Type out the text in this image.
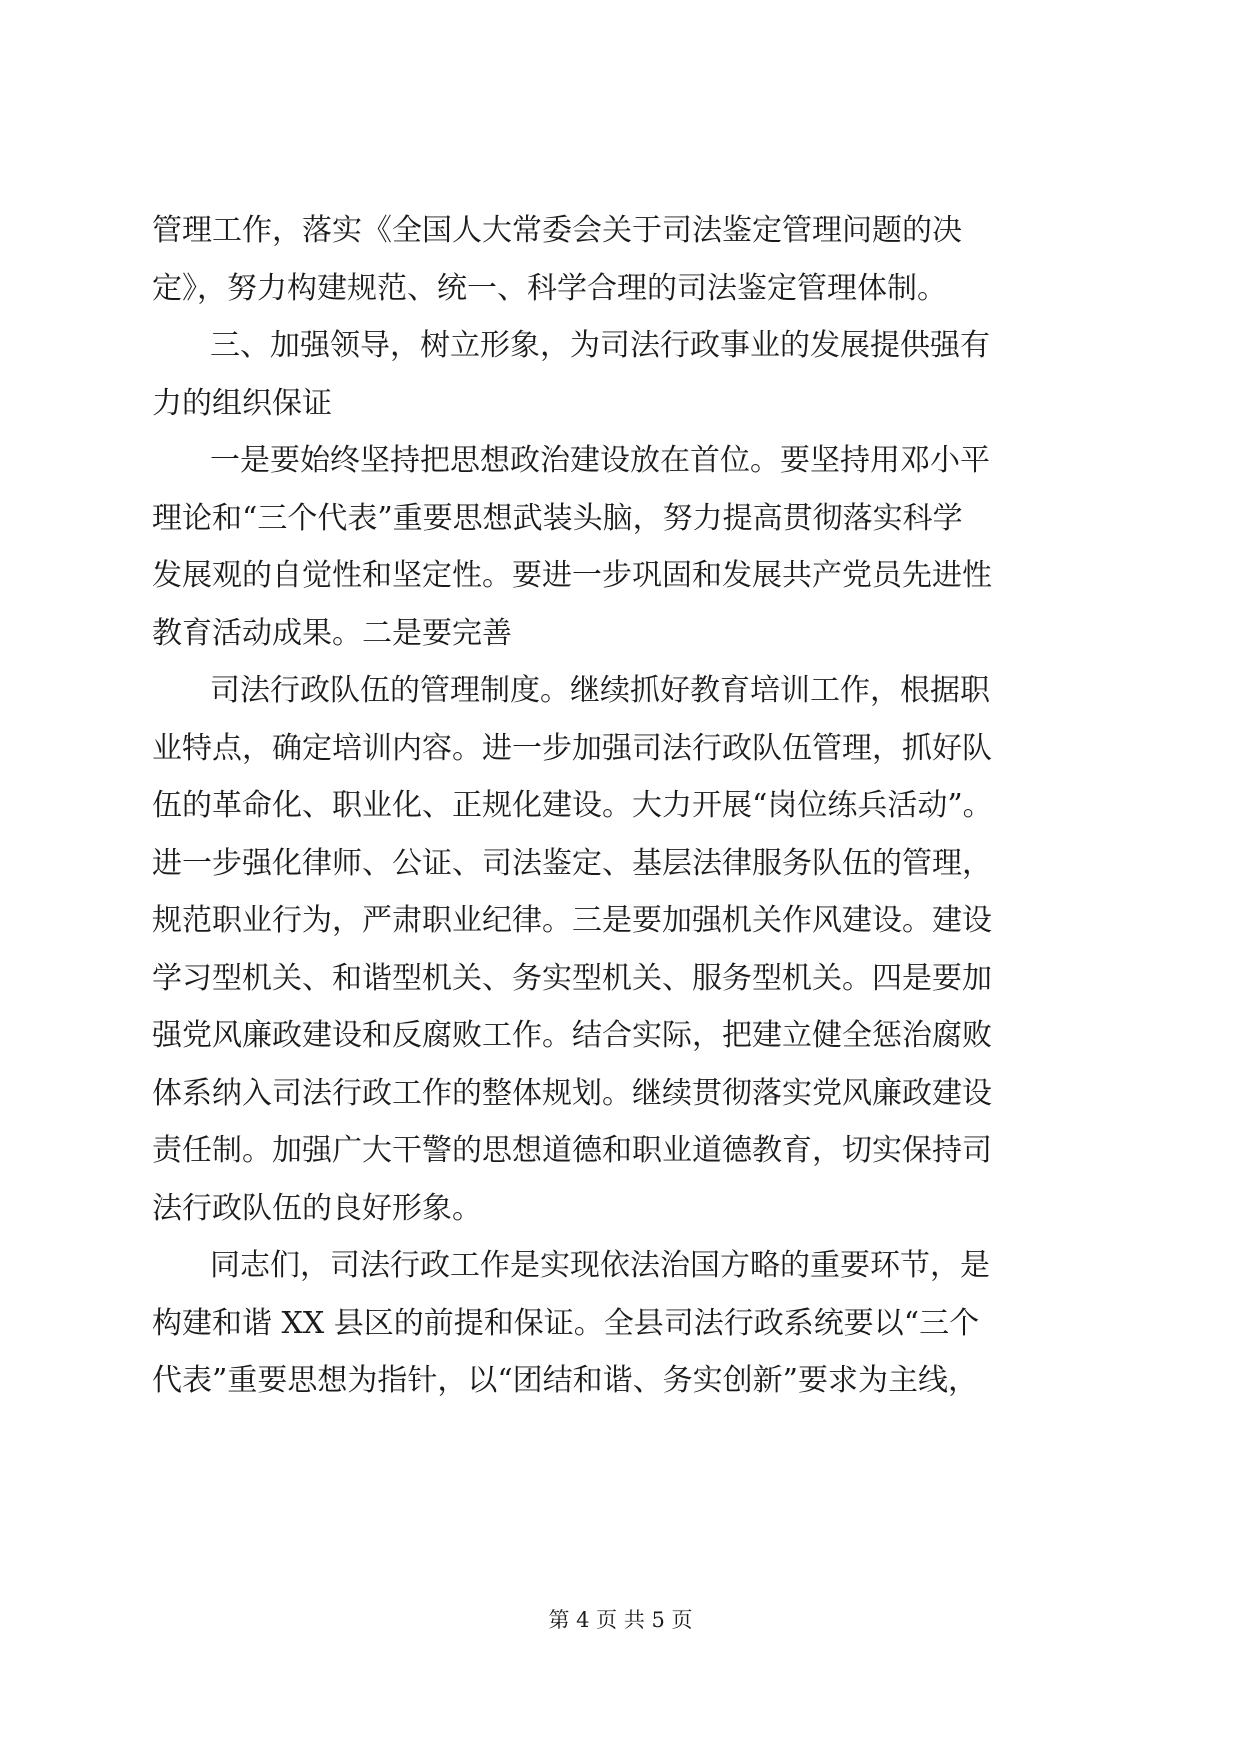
管理工作，落实《全国人大常委会关于司法鉴定管理问题的决
定》，努力构建规范、统一、科学合理的司法鉴定管理体制。
三、加强领导，树立形象，为司法行政事业的发展提供强有
力的组织保证
一是要始终坚持把思想政治建设放在首位。要坚持用邓小平
理论和“三个代表”重要思想武装头脑，努力提高贯彻落实科学
发展观的自觉性和坚定性。要进一步巩固和发展共产党员先进性
教育活动成果。二是要完善
司法行政队伍的管理制度。继续抓好教育培训工作，根据职
业特点，确定培训内容。进一步加强司法行政队伍管理，抓好队
伍的革命化、职业化、正规化建设。大力开展“岗位练兵活动”。
进一步强化律师、公证、司法鉴定、基层法律服务队伍的管理，
规范职业行为，严肃职业纪律。三是要加强机关作风建设。建设
学习型机关、和谐型机关、务实型机关、服务型机关。四是要加
强党风廉政建设和反腐败工作。结合实际，把建立健全惩治腐败
体系纳入司法行政工作的整体规划。继续贯彻落实党风廉政建设
责任制。加强广大干警的思想道德和职业道德教育，切实保持司
法行政队伍的良好形象。
同志们，司法行政工作是实现依法治国方略的重要环节，是
构建和谐 XX 县区的前提和保证。全县司法行政系统要以“三个
代表”重要思想为指针，以“团结和谐、务实创新”要求为主线，
第 4 页 共 5 页
